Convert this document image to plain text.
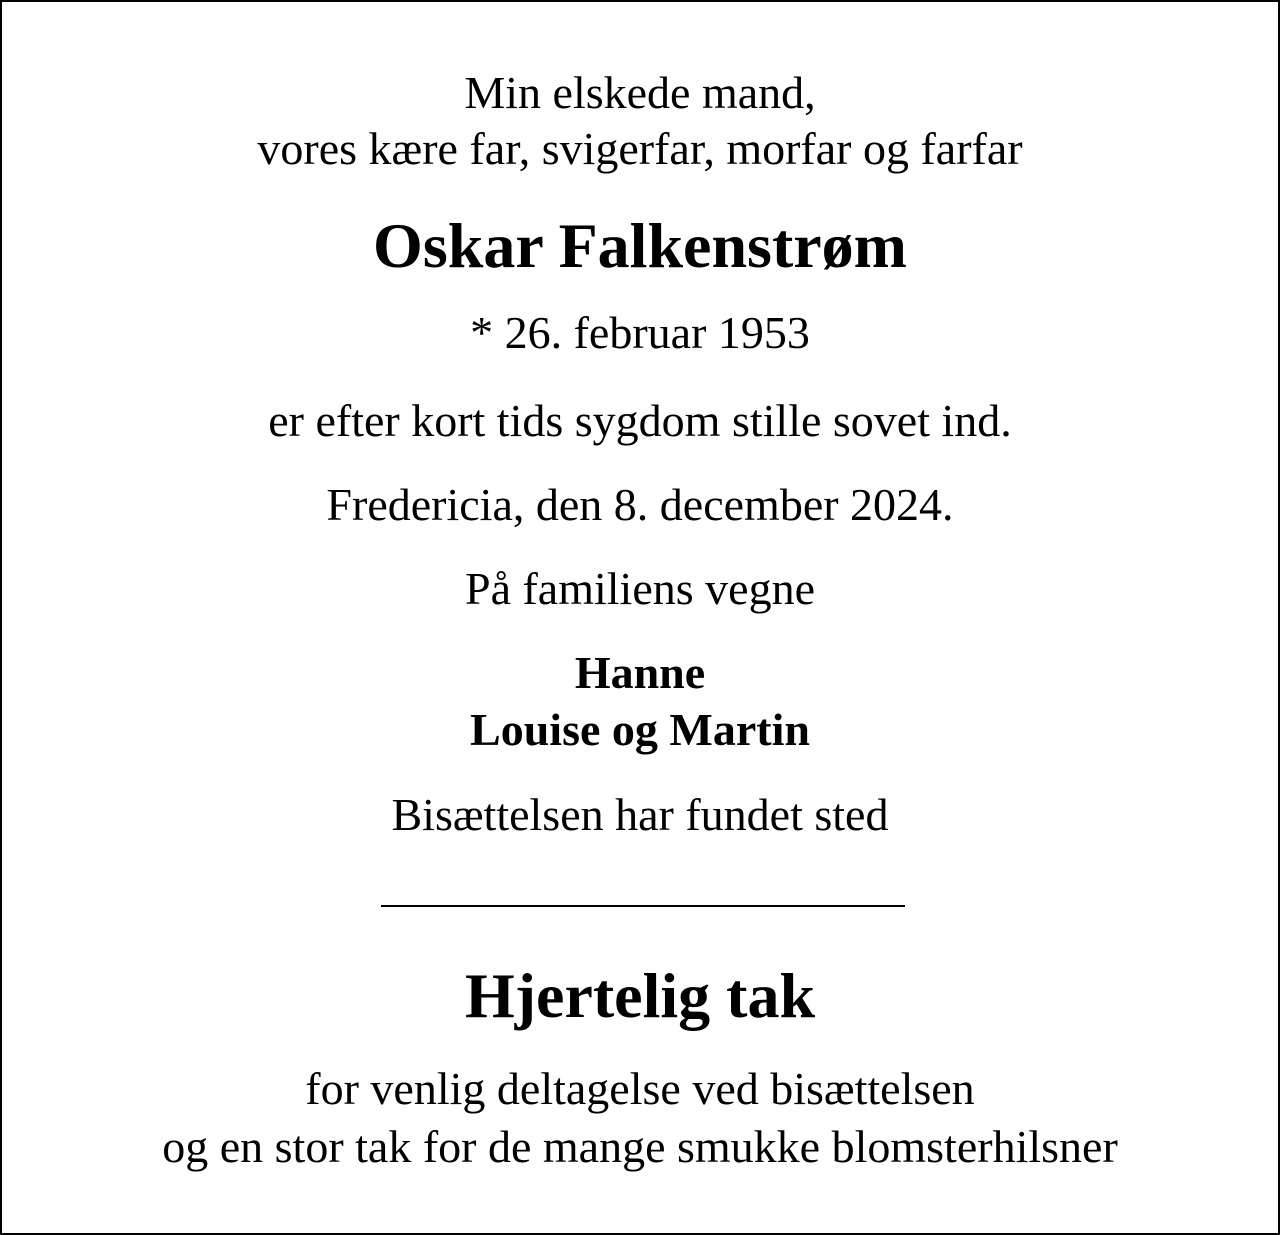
Min elskede mand,
vores kære far, svigerfar, morfar og farfar
Oskar Falkenstrøm
* 26. februar 1953
er efter kort tids sygdom stille sovet ind.
Fredericia, den 8. december 2024.
På familiens vegne
Hanne
Louise og Martin
Bisættelsen har fundet sted
Hjertelig tak
for venlig deltagelse ved bisættelsen
og en stor tak for de mange smukke blomsterhilsner
